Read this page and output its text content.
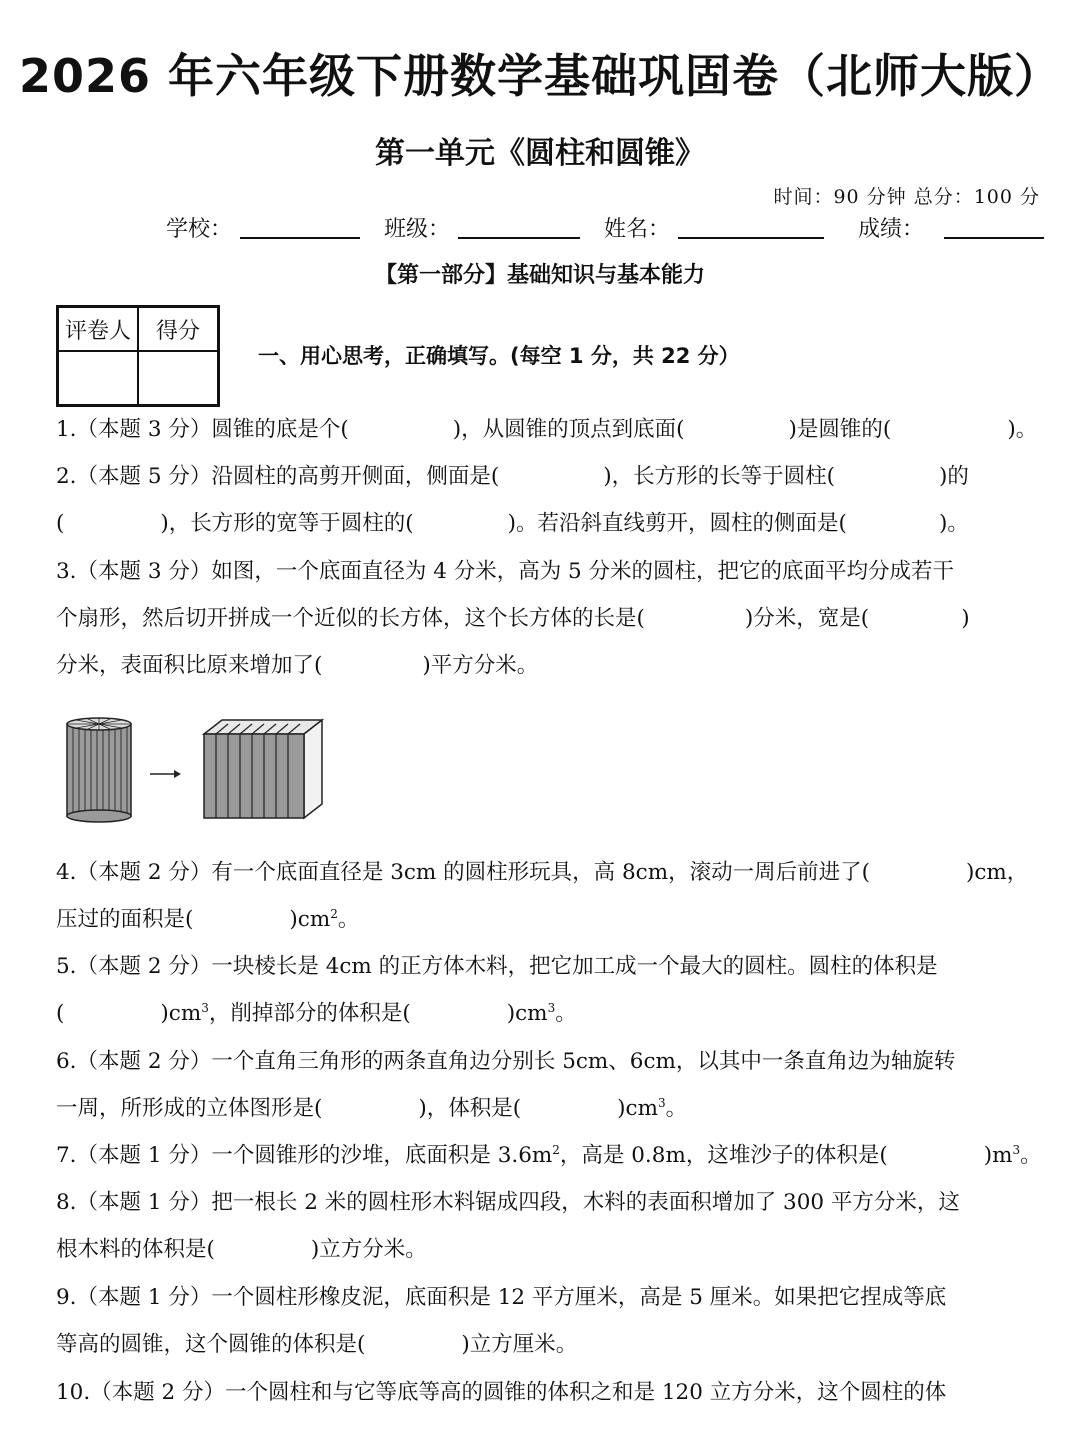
2026 年六年级下册数学基础巩固卷（北师大版）
第一单元《圆柱和圆锥》
时间：90 分钟 总分：100 分
学校：	班级：	姓名：	成绩：
【第一部分】基础知识与基本能力
评卷人	得分

一、用心思考，正确填写。(每空 1 分，共 22 分）
1.（本题 3 分）圆锥的底是个(	)，从圆锥的顶点到底面(	)是圆锥的(	)。
2.（本题 5 分）沿圆柱的高剪开侧面，侧面是(	)，长方形的长等于圆柱(	)的
(	)，长方形的宽等于圆柱的(	)。若沿斜直线剪开，圆柱的侧面是(	)。
3.（本题 3 分）如图，一个底面直径为 4 分米，高为 5 分米的圆柱，把它的底面平均分成若干
个扇形，然后切开拼成一个近似的长方体，这个长方体的长是(	)分米，宽是(	)
分米，表面积比原来增加了(	)平方分米。
4.（本题 2 分）有一个底面直径是 3cm 的圆柱形玩具，高 8cm，滚动一周后前进了(	)cm，
压过的面积是(	)$cm^2$。
5.（本题 2 分）一块棱长是 4cm 的正方体木料，把它加工成一个最大的圆柱。圆柱的体积是
(	)$cm^3$，削掉部分的体积是(	)$cm^3$。
6.（本题 2 分）一个直角三角形的两条直角边分别长 5cm、6cm，以其中一条直角边为轴旋转
一周，所形成的立体图形是(	)，体积是(	)$cm^3$。
7.（本题 1 分）一个圆锥形的沙堆，底面积是 $3.6m^2$，高是 0.8m，这堆沙子的体积是(	)$m^3$。
8.（本题 1 分）把一根长 2 米的圆柱形木料锯成四段，木料的表面积增加了 300 平方分米，这
根木料的体积是(	)立方分米。
9.（本题 1 分）一个圆柱形橡皮泥，底面积是 12 平方厘米，高是 5 厘米。如果把它捏成等底
等高的圆锥，这个圆锥的体积是(	)立方厘米。
10.（本题 2 分）一个圆柱和与它等底等高的圆锥的体积之和是 120 立方分米，这个圆柱的体
